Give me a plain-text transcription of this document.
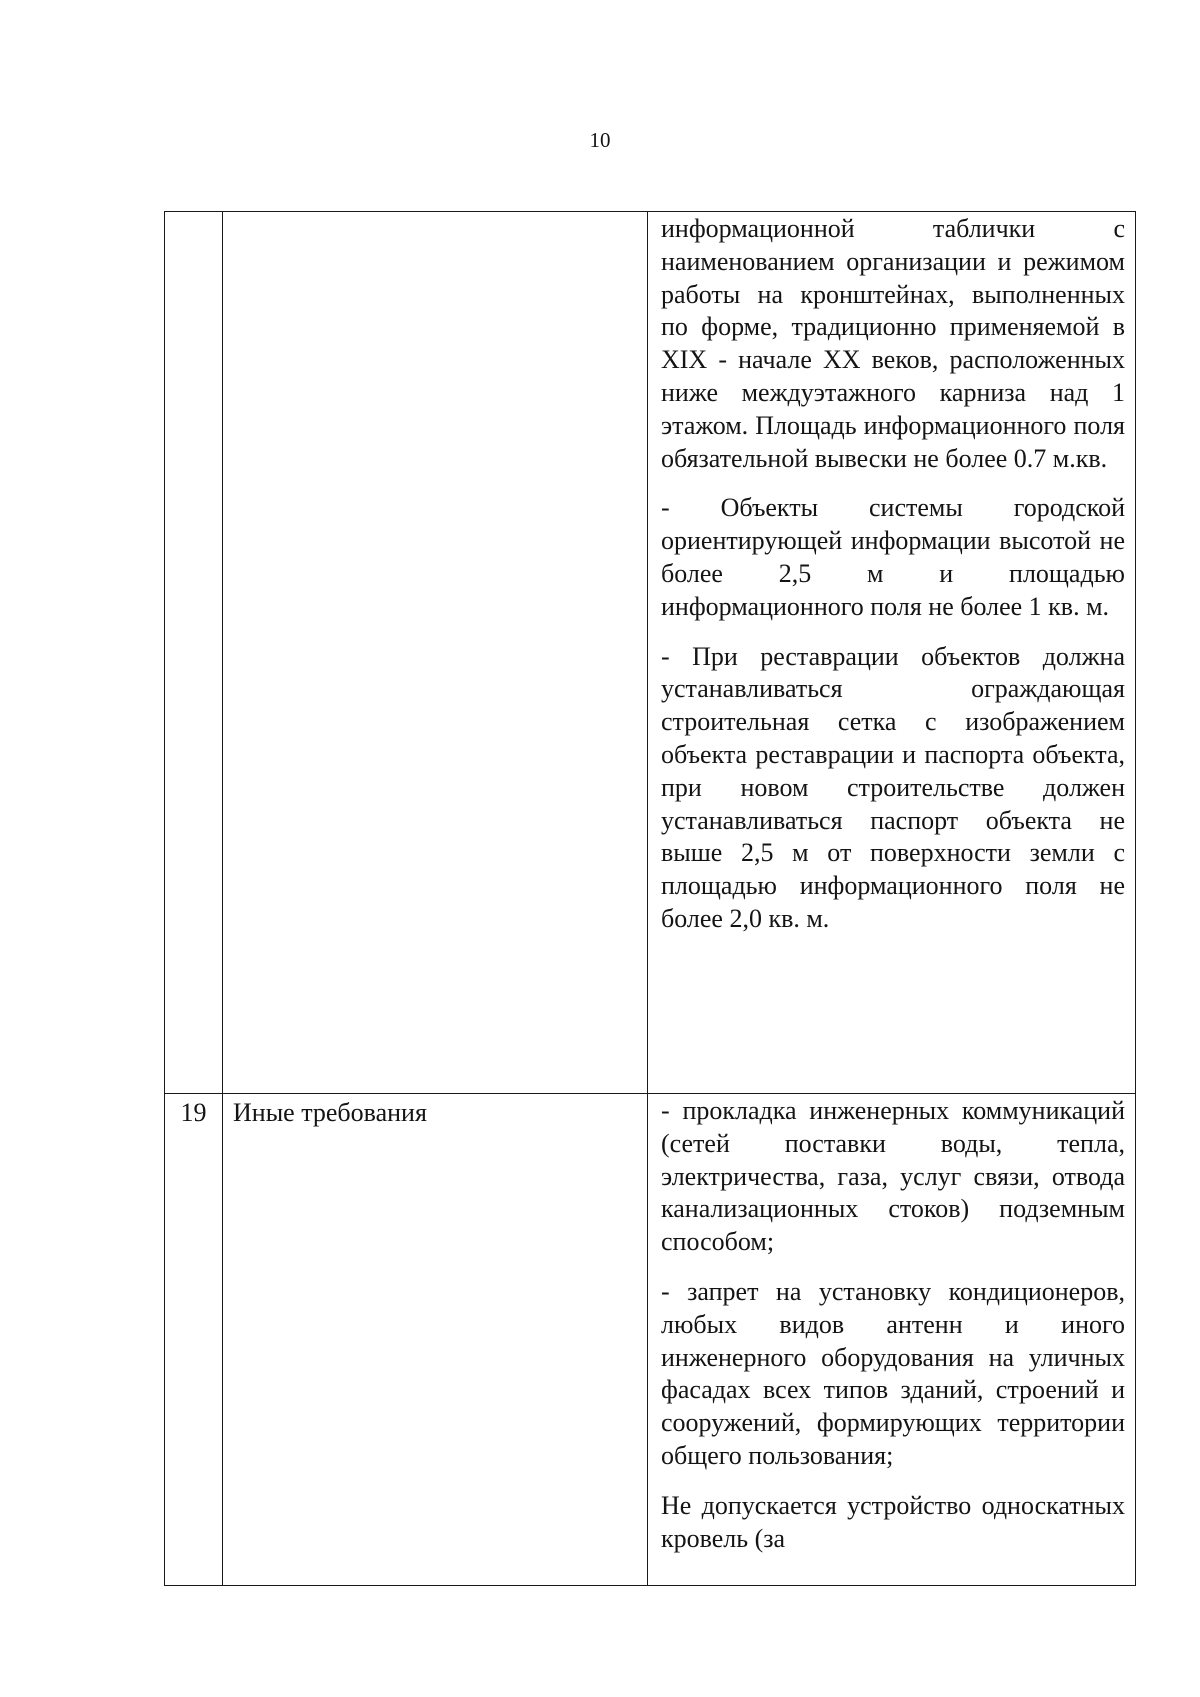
10

		информационной таблички с наименованием организации и режимом работы на кронштейнах, выполненных по форме, традиционно применяемой в XIX - начале XX веков, расположенных ниже междуэтажного карниза над 1 этажом. Площадь информационного поля обязательной вывески не более 0.7 м.кв.

- Объекты системы городской ориентирующей информации высотой не более 2,5 м и площадью информационного поля не более 1 кв. м.

- При реставрации объектов должна устанавливаться ограждающая строительная сетка с изображением объекта реставрации и паспорта объекта, при новом строительстве должен устанавливаться паспорт объекта не выше 2,5 м от поверхности земли с площадью информационного поля не более 2,0 кв. м.

19	Иные требования	- прокладка инженерных коммуникаций (сетей поставки воды, тепла, электричества, газа, услуг связи, отвода канализационных стоков) подземным способом;

- запрет на установку кондиционеров, любых видов антенн и иного инженерного оборудования на уличных фасадах всех типов зданий, строений и сооружений, формирующих территории общего пользования;

Не допускается устройство односкатных кровель (за
